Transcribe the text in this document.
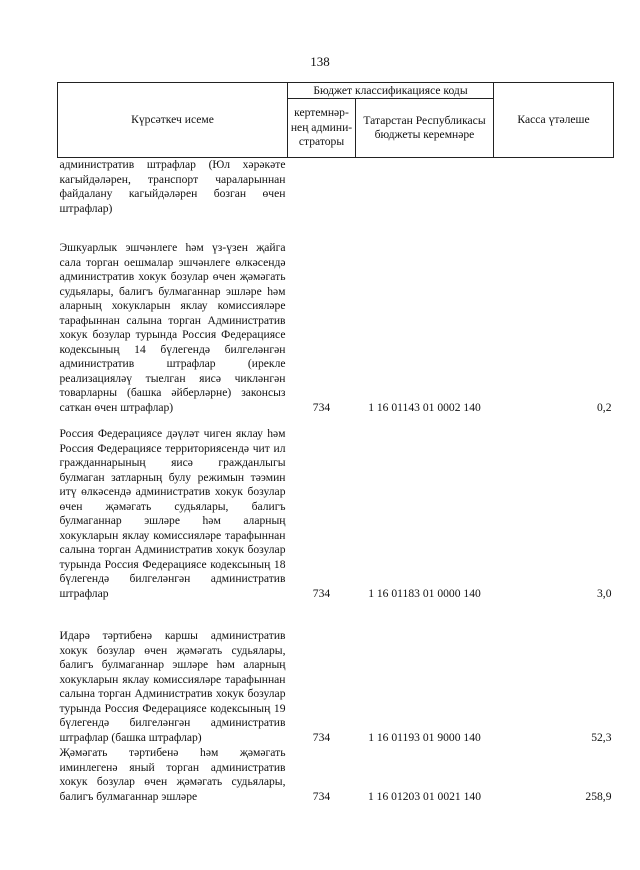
138
Күрсәткеч исеме	Бюджет классификациясе коды		Касса үтәлеше
	кертемнәр-нең админи-страторы	Татарстан Республикасы бюджеты керемнәре	
административ штрафлар (Юл хәрәкәте кагыйдәләрен, транспорт чараларыннан файдалану кагыйдәләрен бозган өчен штрафлар)			
Эшкуарлык эшчәнлеге һәм үз-үзен җайга сала торган оешмалар эшчәнлеге өлкәсендә административ хокук бозулар өчен җәмәгать судьялары, балигъ булмаганнар эшләре һәм аларның хокукларын яклау комиссияләре тарафыннан салына торган Административ хокук бозулар турында Россия Федерациясе кодексының 14 бүлегендә билгеләнгән административ штрафлар (ирекле реализацияләү тыелган яисә чикләнгән товарларны (башка әйберләрне) законсыз саткан өчен штрафлар)	734	1 16 01143 01 0002 140	0,2
Россия Федерациясе дәүләт чиген яклау һәм Россия Федерациясе территориясендә чит ил гражданнарының яисә гражданлыгы булмаган затларның булу режимын тәэмин итү өлкәсендә административ хокук бозулар өчен җәмәгать судьялары, балигъ булмаганнар эшләре һәм аларның хокукларын яклау комиссияләре тарафыннан салына торган Административ хокук бозулар турында Россия Федерациясе кодексының 18 бүлегендә билгеләнгән административ штрафлар	734	1 16 01183 01 0000 140	3,0
Идарә тәртибенә каршы административ хокук бозулар өчен җәмәгать судьялары, балигъ булмаганнар эшләре һәм аларның хокукларын яклау комиссияләре тарафыннан салына торган Административ хокук бозулар турында Россия Федерациясе кодексының 19 бүлегендә билгеләнгән административ штрафлар (башка штрафлар)	734	1 16 01193 01 9000 140	52,3
Җәмәгать тәртибенә һәм җәмәгать иминлегенә яный торган административ хокук бозулар өчен җәмәгать судьялары, балигъ булмаганнар эшләре	734	1 16 01203 01 0021 140	258,9
